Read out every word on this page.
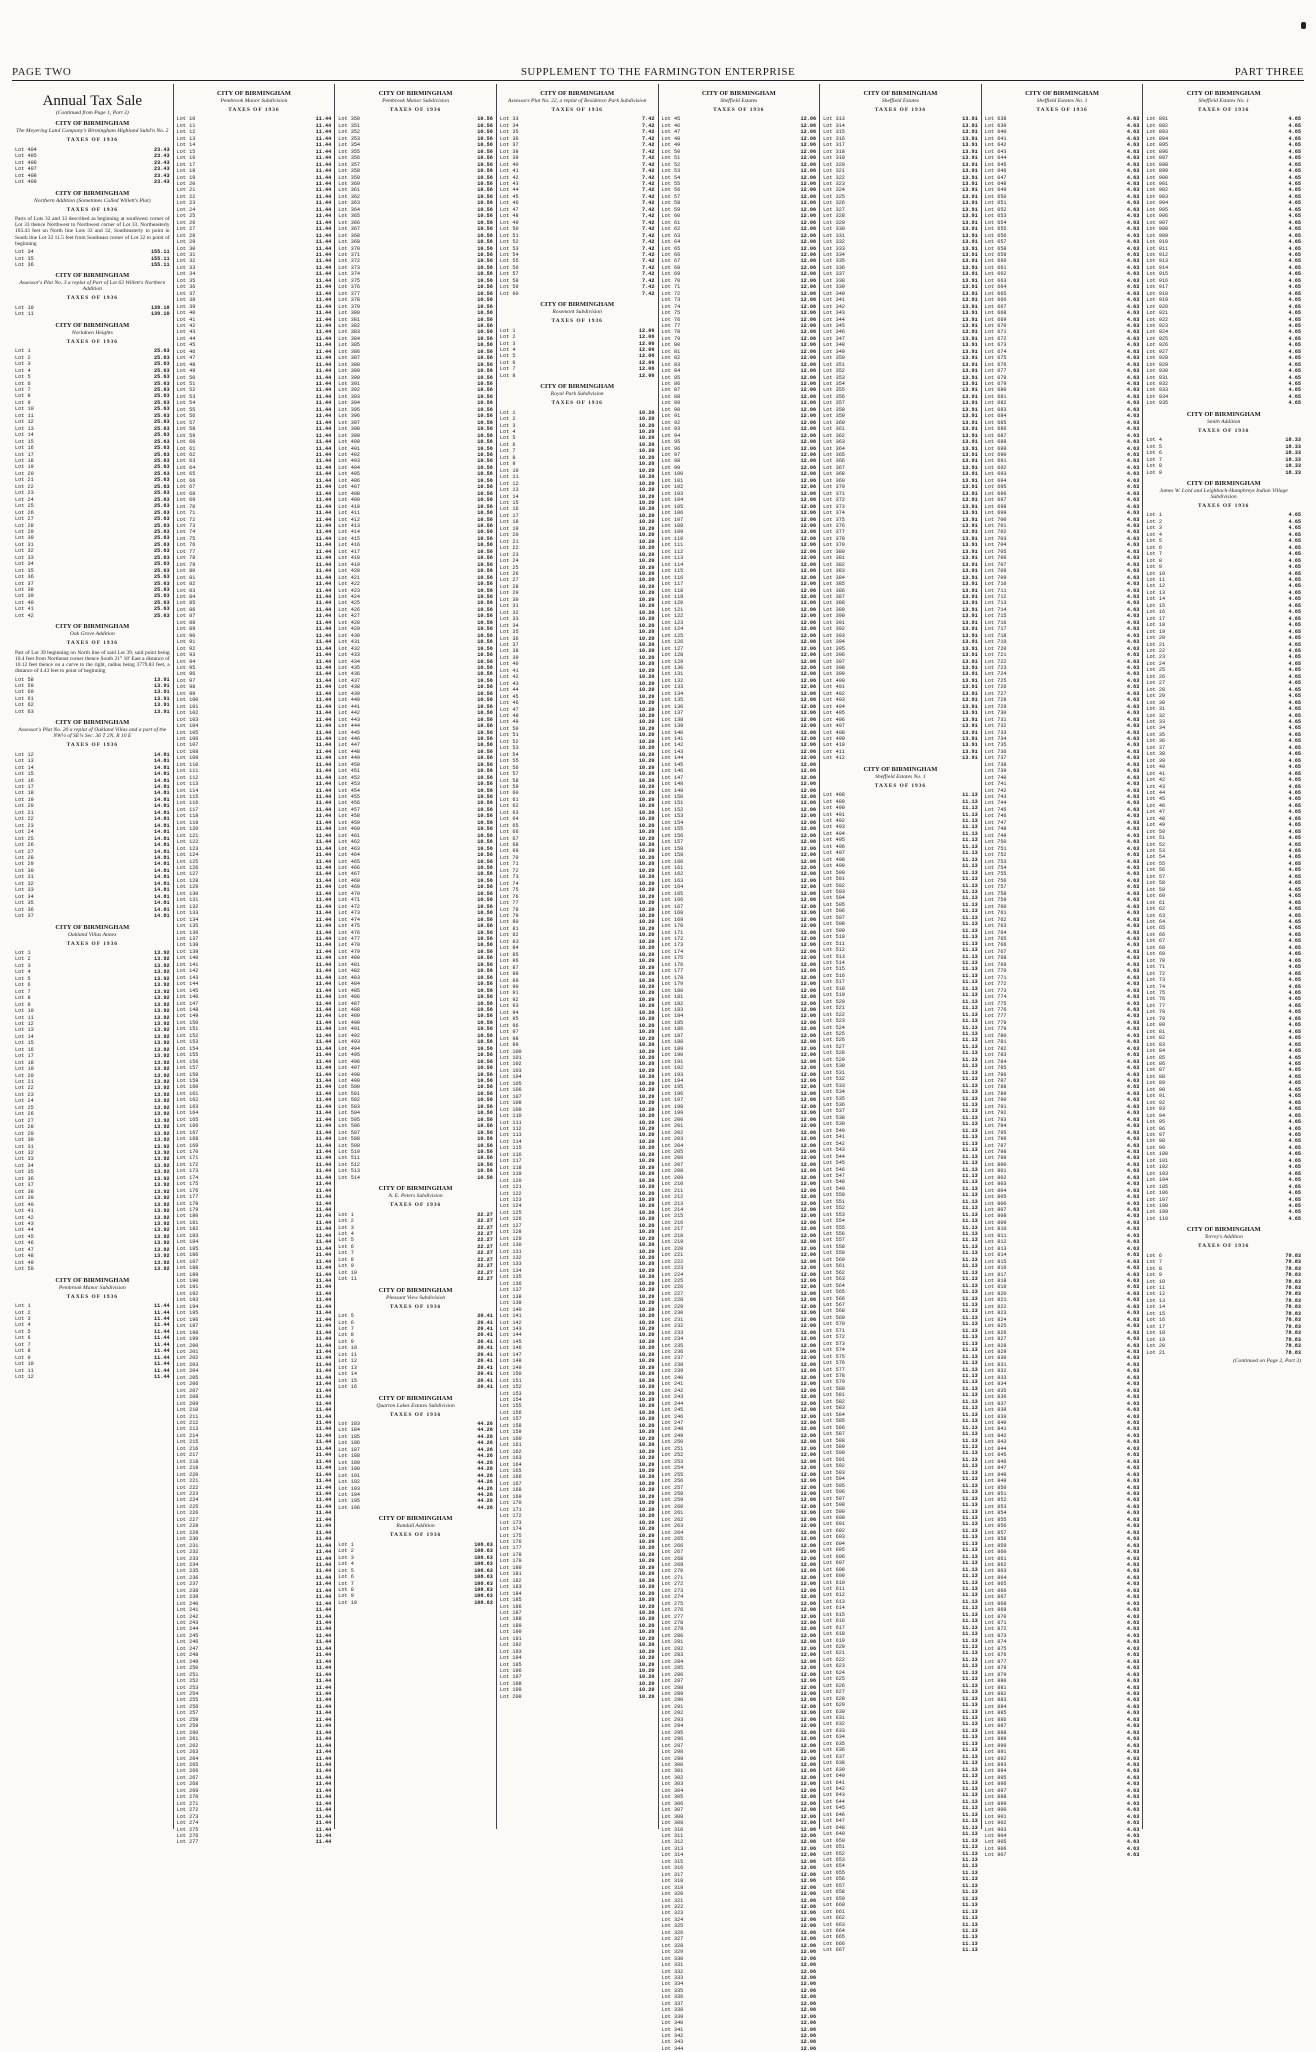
PAGE TWO	SUPPLEMENT TO THE FARMINGTON ENTERPRISE	PART THREE
Annual Tax Sale
(Continued from Page 1, Part 3)
CITY OF BIRMINGHAM
The Meyering Land Company's Birmingham Highland Subd'n No. 2
TAXES OF 1936
Lot 404	23.43
Lot 405	23.43
Lot 406	23.43
Lot 407	23.43
Lot 408	23.43
Lot 409	23.43
CITY OF BIRMINGHAM
Northern Addition (Sometimes Called Willett's Plat)
TAXES OF 1936
Parts of Lots 32 and 33 described as beginning at southwest corner of Lot 33 thence Northwest to Northwest corner of Lot 33, Northeasterly 163.43 feet on North line Lots 33 and 32, Southeasterly to point in South line Lot 32 11.5 feet from Southeast corner of Lot 32 to point of beginning
Lot 34	155.11
Lot 35	155.11
Lot 36	155.11
CITY OF BIRMINGHAM
Assessor's Plat No. 3 a replat of Part of Lot 63 Willett's Northern Addition
TAXES OF 1936
Lot 10	139.10
Lot 11	139.10
CITY OF BIRMINGHAM
Norlakwn Heights
TAXES OF 1936
Lot 1	25.63
Lot 2	25.63
Lot 3	25.63
Lot 4	25.63
Lot 5	25.63
Lot 6	25.63
Lot 7	25.63
Lot 8	25.63
Lot 9	25.63
Lot 10	25.63
Lot 11	25.63
Lot 12	25.63
Lot 13	25.63
Lot 14	25.63
Lot 15	25.63
Lot 16	25.63
Lot 17	25.63
Lot 18	25.63
Lot 19	25.63
Lot 20	25.63
Lot 21	25.63
Lot 22	25.63
Lot 23	25.63
Lot 24	25.63
Lot 25	25.63
Lot 26	25.63
Lot 27	25.63
Lot 28	25.63
Lot 29	25.63
Lot 30	25.63
Lot 31	25.63
Lot 32	25.63
Lot 33	25.63
Lot 34	25.63
Lot 35	25.63
Lot 36	25.63
Lot 37	25.63
Lot 38	25.63
Lot 39	25.63
Lot 40	25.63
Lot 41	25.63
Lot 42	25.63
CITY OF BIRMINGHAM
Oak Grove Addition
TAXES OF 1936
Part of Lot 39 beginning on North line of said Lot 39, said point being 16.4 feet from Northeast corner thence South 21° 18' East a distance of 10.12 feet thence on a curve to the right, radius being 3779.83 feet, a distance of 4.43 feet to point of beginning
Lot 58	13.91
Lot 59	13.91
Lot 60	13.91
Lot 61	13.91
Lot 62	13.91
Lot 63	13.91
CITY OF BIRMINGHAM
Assessor's Plat No. 20 a replat of Oakland Villas and a part of the NW¼ of SE¼ Sec. 36 T 2N, R 10 E
TAXES OF 1936
Lot 12	14.81
Lot 13	14.81
Lot 14	14.81
Lot 15	14.81
Lot 16	14.81
Lot 17	14.81
Lot 18	14.81
Lot 19	14.81
Lot 20	14.81
Lot 21	14.81
Lot 22	14.81
Lot 23	14.81
Lot 24	14.81
Lot 25	14.81
Lot 26	14.81
Lot 27	14.81
Lot 28	14.81
Lot 29	14.81
Lot 30	14.81
Lot 31	14.81
Lot 32	14.81
Lot 33	14.81
Lot 34	14.81
Lot 35	14.81
Lot 36	14.81
Lot 37	14.81
CITY OF BIRMINGHAM
Oakland Villas Annex
TAXES OF 1936
Lot 1	13.92
Lot 2	13.92
Lot 3	13.92
Lot 4	13.92
Lot 5	13.92
Lot 6	13.92
Lot 7	13.92
Lot 8	13.92
Lot 9	13.92
Lot 10	13.92
Lot 11	13.92
Lot 12	13.92
Lot 13	13.92
Lot 14	13.92
Lot 15	13.92
Lot 16	13.92
Lot 17	13.92
Lot 18	13.92
Lot 19	13.92
Lot 20	13.92
Lot 21	13.92
Lot 22	13.92
Lot 23	13.92
Lot 24	13.92
Lot 25	13.92
Lot 26	13.92
Lot 27	13.92
Lot 28	13.92
Lot 29	13.92
Lot 30	13.92
Lot 31	13.92
Lot 32	13.92
Lot 33	13.92
Lot 34	13.92
Lot 35	13.92
Lot 36	13.92
Lot 37	13.92
Lot 38	13.92
Lot 39	13.92
Lot 40	13.92
Lot 41	13.92
Lot 42	13.92
Lot 43	13.92
Lot 44	13.92
Lot 45	13.92
Lot 46	13.92
Lot 47	13.92
Lot 48	13.92
Lot 49	13.92
Lot 50	13.92
CITY OF BIRMINGHAM
Pembrook Manor Subdivision
TAXES OF 1936
Lot 1	11.44
Lot 2	11.44
Lot 3	11.44
Lot 4	11.44
Lot 5	11.44
Lot 6	11.44
Lot 7	11.44
Lot 8	11.44
Lot 9	11.44
Lot 10	11.44
Lot 11	11.44
Lot 12	11.44
CITY OF BIRMINGHAM
Pembrook Manor Subdivision
TAXES OF 1936
Lot 10	11.44
Lot 11	11.44
Lot 12	11.44
Lot 13	11.44
Lot 14	11.44
Lot 15	11.44
Lot 16	11.44
Lot 17	11.44
Lot 18	11.44
Lot 19	11.44
Lot 20	11.44
Lot 21	11.44
Lot 22	11.44
Lot 23	11.44
Lot 24	11.44
Lot 25	11.44
Lot 26	11.44
Lot 27	11.44
Lot 28	11.44
Lot 29	11.44
Lot 30	11.44
Lot 31	11.44
Lot 32	11.44
Lot 33	11.44
Lot 34	11.44
Lot 35	11.44
Lot 36	11.44
Lot 37	11.44
Lot 38	11.44
Lot 39	11.44
Lot 40	11.44
Lot 41	11.44
Lot 42	11.44
Lot 43	11.44
Lot 44	11.44
Lot 45	11.44
Lot 46	11.44
Lot 47	11.44
Lot 48	11.44
Lot 49	11.44
Lot 50	11.44
Lot 51	11.44
Lot 52	11.44
Lot 53	11.44
Lot 54	11.44
Lot 55	11.44
Lot 56	11.44
Lot 57	11.44
Lot 58	11.44
Lot 59	11.44
Lot 60	11.44
Lot 61	11.44
Lot 62	11.44
Lot 63	11.44
Lot 64	11.44
Lot 65	11.44
Lot 66	11.44
Lot 67	11.44
Lot 68	11.44
Lot 69	11.44
Lot 70	11.44
Lot 71	11.44
Lot 72	11.44
Lot 73	11.44
Lot 74	11.44
Lot 75	11.44
Lot 76	11.44
Lot 77	11.44
Lot 78	11.44
Lot 79	11.44
Lot 80	11.44
Lot 81	11.44
Lot 82	11.44
Lot 83	11.44
Lot 84	11.44
Lot 85	11.44
Lot 86	11.44
Lot 87	11.44
Lot 88	11.44
Lot 89	11.44
Lot 90	11.44
Lot 91	11.44
Lot 92	11.44
Lot 93	11.44
Lot 94	11.44
Lot 95	11.44
Lot 96	11.44
Lot 97	11.44
Lot 98	11.44
Lot 99	11.44
Lot 100	11.44
Lot 101	11.44
Lot 102	11.44
Lot 103	11.44
Lot 104	11.44
Lot 105	11.44
Lot 106	11.44
Lot 107	11.44
Lot 108	11.44
Lot 109	11.44
Lot 110	11.44
Lot 111	11.44
Lot 112	11.44
Lot 113	11.44
Lot 114	11.44
Lot 115	11.44
Lot 116	11.44
Lot 117	11.44
Lot 118	11.44
Lot 119	11.44
Lot 120	11.44
Lot 121	11.44
Lot 122	11.44
Lot 123	11.44
Lot 124	11.44
Lot 125	11.44
Lot 126	11.44
Lot 127	11.44
Lot 128	11.44
Lot 129	11.44
Lot 130	11.44
Lot 131	11.44
Lot 132	11.44
Lot 133	11.44
Lot 134	11.44
Lot 135	11.44
Lot 136	11.44
Lot 137	11.44
Lot 138	11.44
Lot 139	11.44
Lot 140	11.44
Lot 141	11.44
Lot 142	11.44
Lot 143	11.44
Lot 144	11.44
Lot 145	11.44
Lot 146	11.44
Lot 147	11.44
Lot 148	11.44
Lot 149	11.44
Lot 150	11.44
Lot 151	11.44
Lot 152	11.44
Lot 153	11.44
Lot 154	11.44
Lot 155	11.44
Lot 156	11.44
Lot 157	11.44
Lot 158	11.44
Lot 159	11.44
Lot 160	11.44
Lot 161	11.44
Lot 162	11.44
Lot 163	11.44
Lot 164	11.44
Lot 165	11.44
Lot 166	11.44
Lot 167	11.44
Lot 168	11.44
Lot 169	11.44
Lot 170	11.44
Lot 171	11.44
Lot 172	11.44
Lot 173	11.44
Lot 174	11.44
Lot 175	11.44
Lot 176	11.44
Lot 177	11.44
Lot 178	11.44
Lot 179	11.44
Lot 180	11.44
Lot 181	11.44
Lot 182	11.44
Lot 183	11.44
Lot 184	11.44
Lot 185	11.44
Lot 186	11.44
Lot 187	11.44
Lot 188	11.44
Lot 189	11.44
Lot 190	11.44
Lot 191	11.44
Lot 192	11.44
Lot 193	11.44
Lot 194	11.44
Lot 195	11.44
Lot 196	11.44
Lot 197	11.44
Lot 198	11.44
Lot 199	11.44
Lot 200	11.44
Lot 201	11.44
Lot 202	11.44
Lot 203	11.44
Lot 204	11.44
Lot 205	11.44
Lot 206	11.44
Lot 207	11.44
Lot 208	11.44
Lot 209	11.44
Lot 210	11.44
Lot 211	11.44
Lot 212	11.44
Lot 213	11.44
Lot 214	11.44
Lot 215	11.44
Lot 216	11.44
Lot 217	11.44
Lot 218	11.44
Lot 219	11.44
Lot 220	11.44
Lot 221	11.44
Lot 222	11.44
Lot 223	11.44
Lot 224	11.44
Lot 225	11.44
Lot 226	11.44
Lot 227	11.44
Lot 228	11.44
Lot 229	11.44
Lot 230	11.44
Lot 231	11.44
Lot 232	11.44
Lot 233	11.44
Lot 234	11.44
Lot 235	11.44
Lot 236	11.44
Lot 237	11.44
Lot 238	11.44
Lot 239	11.44
Lot 240	11.44
Lot 241	11.44
Lot 242	11.44
Lot 243	11.44
Lot 244	11.44
Lot 245	11.44
Lot 246	11.44
Lot 247	11.44
Lot 248	11.44
Lot 249	11.44
Lot 250	11.44
Lot 251	11.44
Lot 252	11.44
Lot 253	11.44
Lot 254	11.44
Lot 255	11.44
Lot 256	11.44
Lot 257	11.44
Lot 258	11.44
Lot 259	11.44
Lot 260	11.44
Lot 261	11.44
Lot 262	11.44
Lot 263	11.44
Lot 264	11.44
Lot 265	11.44
Lot 266	11.44
Lot 267	11.44
Lot 268	11.44
Lot 269	11.44
Lot 270	11.44
Lot 271	11.44
Lot 272	11.44
Lot 273	11.44
Lot 274	11.44
Lot 275	11.44
Lot 276	11.44
Lot 277	11.44
CITY OF BIRMINGHAM
Pembrook Manor Subdivision
TAXES OF 1936
Lot 350	10.56
Lot 351	10.56
Lot 352	10.56
Lot 353	10.56
Lot 354	10.56
Lot 355	10.56
Lot 356	10.56
Lot 357	10.56
Lot 358	10.56
Lot 359	10.56
Lot 360	10.56
Lot 361	10.56
Lot 362	10.56
Lot 363	10.56
Lot 364	10.56
Lot 365	10.56
Lot 366	10.56
Lot 367	10.56
Lot 368	10.56
Lot 369	10.56
Lot 370	10.56
Lot 371	10.56
Lot 372	10.56
Lot 373	10.56
Lot 374	10.56
Lot 375	10.56
Lot 376	10.56
Lot 377	10.56
Lot 378	10.56
Lot 379	10.56
Lot 380	10.56
Lot 381	10.56
Lot 382	10.56
Lot 383	10.56
Lot 384	10.56
Lot 385	10.56
Lot 386	10.56
Lot 387	10.56
Lot 388	10.56
Lot 389	10.56
Lot 390	10.56
Lot 391	10.56
Lot 392	10.56
Lot 393	10.56
Lot 394	10.56
Lot 395	10.56
Lot 396	10.56
Lot 397	10.56
Lot 398	10.56
Lot 399	10.56
Lot 400	10.56
Lot 401	10.56
Lot 402	10.56
Lot 403	10.56
Lot 404	10.56
Lot 405	10.56
Lot 406	10.56
Lot 407	10.56
Lot 408	10.56
Lot 409	10.56
Lot 410	10.56
Lot 411	10.56
Lot 412	10.56
Lot 413	10.56
Lot 414	10.56
Lot 415	10.56
Lot 416	10.56
Lot 417	10.56
Lot 418	10.56
Lot 419	10.56
Lot 420	10.56
Lot 421	10.56
Lot 422	10.56
Lot 423	10.56
Lot 424	10.56
Lot 425	10.56
Lot 426	10.56
Lot 427	10.56
Lot 428	10.56
Lot 429	10.56
Lot 430	10.56
Lot 431	10.56
Lot 432	10.56
Lot 433	10.56
Lot 434	10.56
Lot 435	10.56
Lot 436	10.56
Lot 437	10.56
Lot 438	10.56
Lot 439	10.56
Lot 440	10.56
Lot 441	10.56
Lot 442	10.56
Lot 443	10.56
Lot 444	10.56
Lot 445	10.56
Lot 446	10.56
Lot 447	10.56
Lot 448	10.56
Lot 449	10.56
Lot 450	10.56
Lot 451	10.56
Lot 452	10.56
Lot 453	10.56
Lot 454	10.56
Lot 455	10.56
Lot 456	10.56
Lot 457	10.56
Lot 458	10.56
Lot 459	10.56
Lot 460	10.56
Lot 461	10.56
Lot 462	10.56
Lot 463	10.56
Lot 464	10.56
Lot 465	10.56
Lot 466	10.56
Lot 467	10.56
Lot 468	10.56
Lot 469	10.56
Lot 470	10.56
Lot 471	10.56
Lot 472	10.56
Lot 473	10.56
Lot 474	10.56
Lot 475	10.56
Lot 476	10.56
Lot 477	10.56
Lot 478	10.56
Lot 479	10.56
Lot 480	10.56
Lot 481	10.56
Lot 482	10.56
Lot 483	10.56
Lot 484	10.56
Lot 485	10.56
Lot 486	10.56
Lot 487	10.56
Lot 488	10.56
Lot 489	10.56
Lot 490	10.56
Lot 491	10.56
Lot 492	10.56
Lot 493	10.56
Lot 494	10.56
Lot 495	10.56
Lot 496	10.56
Lot 497	10.56
Lot 498	10.56
Lot 499	10.56
Lot 500	10.56
Lot 501	10.56
Lot 502	10.56
Lot 503	10.56
Lot 504	10.56
Lot 505	10.56
Lot 506	10.56
Lot 507	10.56
Lot 508	10.56
Lot 509	10.56
Lot 510	10.56
Lot 511	10.56
Lot 512	10.56
Lot 513	10.56
Lot 514	10.56
CITY OF BIRMINGHAM
A. E. Peters Subdivision
TAXES OF 1936
Lot 1	22.27
Lot 2	22.27
Lot 3	22.27
Lot 4	22.27
Lot 5	22.27
Lot 6	22.27
Lot 7	22.27
Lot 8	22.27
Lot 9	22.27
Lot 10	22.27
Lot 11	22.27
CITY OF BIRMINGHAM
Pleasant View Subdivision
TAXES OF 1936
Lot 5	20.41
Lot 6	20.41
Lot 7	20.41
Lot 8	20.41
Lot 9	20.41
Lot 10	20.41
Lot 11	20.41
Lot 12	20.41
Lot 13	20.41
Lot 14	20.41
Lot 15	20.41
Lot 16	20.41
CITY OF BIRMINGHAM
Quarton Lakes Estates Subdivision
TAXES OF 1936
Lot 183	44.26
Lot 184	44.26
Lot 185	44.26
Lot 186	44.26
Lot 187	44.26
Lot 188	44.26
Lot 189	44.26
Lot 190	44.26
Lot 191	44.26
Lot 192	44.26
Lot 193	44.26
Lot 194	44.26
Lot 195	44.26
Lot 196	44.26
CITY OF BIRMINGHAM
Randall Addition
TAXES OF 1936
Lot 1	108.63
Lot 2	108.63
Lot 3	108.63
Lot 4	108.63
Lot 5	108.63
Lot 6	108.63
Lot 7	108.63
Lot 8	108.63
Lot 9	108.63
Lot 10	108.63
CITY OF BIRMINGHAM
Assessors Plat No. 22, a replat of Residence Park Subdivision
TAXES OF 1936
Lot 33	7.42
Lot 34	7.42
Lot 35	7.42
Lot 36	7.42
Lot 37	7.42
Lot 38	7.42
Lot 39	7.42
Lot 40	7.42
Lot 41	7.42
Lot 42	7.42
Lot 43	7.42
Lot 44	7.42
Lot 45	7.42
Lot 46	7.42
Lot 47	7.42
Lot 48	7.42
Lot 49	7.42
Lot 50	7.42
Lot 51	7.42
Lot 52	7.42
Lot 53	7.42
Lot 54	7.42
Lot 55	7.42
Lot 56	7.42
Lot 57	7.42
Lot 58	7.42
Lot 59	7.42
Lot 60	7.42
CITY OF BIRMINGHAM
Rosemont Subdivision
TAXES OF 1936
Lot 1	12.06
Lot 2	12.06
Lot 3	12.06
Lot 4	12.06
Lot 5	12.06
Lot 6	12.06
Lot 7	12.06
Lot 8	12.06
CITY OF BIRMINGHAM
Royal Park Subdivision
TAXES OF 1936
Lot 1	10.20
Lot 2	10.20
Lot 3	10.20
Lot 4	10.20
Lot 5	10.20
Lot 6	10.20
Lot 7	10.20
Lot 8	10.20
Lot 9	10.20
Lot 10	10.20
Lot 11	10.20
Lot 12	10.20
Lot 13	10.20
Lot 14	10.20
Lot 15	10.20
Lot 16	10.20
Lot 17	10.20
Lot 18	10.20
Lot 19	10.20
Lot 20	10.20
Lot 21	10.20
Lot 22	10.20
Lot 23	10.20
Lot 24	10.20
Lot 25	10.20
Lot 26	10.20
Lot 27	10.20
Lot 28	10.20
Lot 29	10.20
Lot 30	10.20
Lot 31	10.20
Lot 32	10.20
Lot 33	10.20
Lot 34	10.20
Lot 35	10.20
Lot 36	10.20
Lot 37	10.20
Lot 38	10.20
Lot 39	10.20
Lot 40	10.20
Lot 41	10.20
Lot 42	10.20
Lot 43	10.20
Lot 44	10.20
Lot 45	10.20
Lot 46	10.20
Lot 47	10.20
Lot 48	10.20
Lot 49	10.20
Lot 50	10.20
Lot 51	10.20
Lot 52	10.20
Lot 53	10.20
Lot 54	10.20
Lot 55	10.20
Lot 56	10.20
Lot 57	10.20
Lot 58	10.20
Lot 59	10.20
Lot 60	10.20
Lot 61	10.20
Lot 62	10.20
Lot 63	10.20
Lot 64	10.20
Lot 65	10.20
Lot 66	10.20
Lot 67	10.20
Lot 68	10.20
Lot 69	10.20
Lot 70	10.20
Lot 71	10.20
Lot 72	10.20
Lot 73	10.20
Lot 74	10.20
Lot 75	10.20
Lot 76	10.20
Lot 77	10.20
Lot 78	10.20
Lot 79	10.20
Lot 80	10.20
Lot 81	10.20
Lot 82	10.20
Lot 83	10.20
Lot 84	10.20
Lot 85	10.20
Lot 86	10.20
Lot 87	10.20
Lot 88	10.20
Lot 89	10.20
Lot 90	10.20
Lot 91	10.20
Lot 92	10.20
Lot 93	10.20
Lot 94	10.20
Lot 95	10.20
Lot 96	10.20
Lot 97	10.20
Lot 98	10.20
Lot 99	10.20
Lot 100	10.20
Lot 101	10.20
Lot 102	10.20
Lot 103	10.20
Lot 104	10.20
Lot 105	10.20
Lot 106	10.20
Lot 107	10.20
Lot 108	10.20
Lot 109	10.20
Lot 110	10.20
Lot 111	10.20
Lot 112	10.20
Lot 113	10.20
Lot 114	10.20
Lot 115	10.20
Lot 116	10.20
Lot 117	10.20
Lot 118	10.20
Lot 119	10.20
Lot 120	10.20
Lot 121	10.20
Lot 122	10.20
Lot 123	10.20
Lot 124	10.20
Lot 125	10.20
Lot 126	10.20
Lot 127	10.20
Lot 128	10.20
Lot 129	10.20
Lot 130	10.20
Lot 131	10.20
Lot 132	10.20
Lot 133	10.20
Lot 134	10.20
Lot 135	10.20
Lot 136	10.20
Lot 137	10.20
Lot 138	10.20
Lot 139	10.20
Lot 140	10.20
Lot 141	10.20
Lot 142	10.20
Lot 143	10.20
Lot 144	10.20
Lot 145	10.20
Lot 146	10.20
Lot 147	10.20
Lot 148	10.20
Lot 149	10.20
Lot 150	10.20
Lot 151	10.20
Lot 152	10.20
Lot 153	10.20
Lot 154	10.20
Lot 155	10.20
Lot 156	10.20
Lot 157	10.20
Lot 158	10.20
Lot 159	10.20
Lot 160	10.20
Lot 161	10.20
Lot 162	10.20
Lot 163	10.20
Lot 164	10.20
Lot 165	10.20
Lot 166	10.20
Lot 167	10.20
Lot 168	10.20
Lot 169	10.20
Lot 170	10.20
Lot 171	10.20
Lot 172	10.20
Lot 173	10.20
Lot 174	10.20
Lot 175	10.20
Lot 176	10.20
Lot 177	10.20
Lot 178	10.20
Lot 179	10.20
Lot 180	10.20
Lot 181	10.20
Lot 182	10.20
Lot 183	10.20
Lot 184	10.20
Lot 185	10.20
Lot 186	10.20
Lot 187	10.20
Lot 188	10.20
Lot 189	10.20
Lot 190	10.20
Lot 191	10.20
Lot 192	10.20
Lot 193	10.20
Lot 194	10.20
Lot 195	10.20
Lot 196	10.20
Lot 197	10.20
Lot 198	10.20
Lot 199	10.20
Lot 200	10.20
CITY OF BIRMINGHAM
Sheffield Estates
TAXES OF 1936
Lot 45	12.06
Lot 46	12.06
Lot 47	12.06
Lot 48	12.06
Lot 49	12.06
Lot 50	12.06
Lot 51	12.06
Lot 52	12.06
Lot 53	12.06
Lot 54	12.06
Lot 55	12.06
Lot 56	12.06
Lot 57	12.06
Lot 58	12.06
Lot 59	12.06
Lot 60	12.06
Lot 61	12.06
Lot 62	12.06
Lot 63	12.06
Lot 64	12.06
Lot 65	12.06
Lot 66	12.06
Lot 67	12.06
Lot 68	12.06
Lot 69	12.06
Lot 70	12.06
Lot 71	12.06
Lot 72	12.06
Lot 73	12.06
Lot 74	12.06
Lot 75	12.06
Lot 76	12.06
Lot 77	12.06
Lot 78	12.06
Lot 79	12.06
Lot 80	12.06
Lot 81	12.06
Lot 82	12.06
Lot 83	12.06
Lot 84	12.06
Lot 85	12.06
Lot 86	12.06
Lot 87	12.06
Lot 88	12.06
Lot 89	12.06
Lot 90	12.06
Lot 91	12.06
Lot 92	12.06
Lot 93	12.06
Lot 94	12.06
Lot 95	12.06
Lot 96	12.06
Lot 97	12.06
Lot 98	12.06
Lot 99	12.06
Lot 100	12.06
Lot 101	12.06
Lot 102	12.06
Lot 103	12.06
Lot 104	12.06
Lot 105	12.06
Lot 106	12.06
Lot 107	12.06
Lot 108	12.06
Lot 109	12.06
Lot 110	12.06
Lot 111	12.06
Lot 112	12.06
Lot 113	12.06
Lot 114	12.06
Lot 115	12.06
Lot 116	12.06
Lot 117	12.06
Lot 118	12.06
Lot 119	12.06
Lot 120	12.06
Lot 121	12.06
Lot 122	12.06
Lot 123	12.06
Lot 124	12.06
Lot 125	12.06
Lot 126	12.06
Lot 127	12.06
Lot 128	12.06
Lot 129	12.06
Lot 130	12.06
Lot 131	12.06
Lot 132	12.06
Lot 133	12.06
Lot 134	12.06
Lot 135	12.06
Lot 136	12.06
Lot 137	12.06
Lot 138	12.06
Lot 139	12.06
Lot 140	12.06
Lot 141	12.06
Lot 142	12.06
Lot 143	12.06
Lot 144	12.06
Lot 145	12.06
Lot 146	12.06
Lot 147	12.06
Lot 148	12.06
Lot 149	12.06
Lot 150	12.06
Lot 151	12.06
Lot 152	12.06
Lot 153	12.06
Lot 154	12.06
Lot 155	12.06
Lot 156	12.06
Lot 157	12.06
Lot 158	12.06
Lot 159	12.06
Lot 160	12.06
Lot 161	12.06
Lot 162	12.06
Lot 163	12.06
Lot 164	12.06
Lot 165	12.06
Lot 166	12.06
Lot 167	12.06
Lot 168	12.06
Lot 169	12.06
Lot 170	12.06
Lot 171	12.06
Lot 172	12.06
Lot 173	12.06
Lot 174	12.06
Lot 175	12.06
Lot 176	12.06
Lot 177	12.06
Lot 178	12.06
Lot 179	12.06
Lot 180	12.06
Lot 181	12.06
Lot 182	12.06
Lot 183	12.06
Lot 184	12.06
Lot 185	12.06
Lot 186	12.06
Lot 187	12.06
Lot 188	12.06
Lot 189	12.06
Lot 190	12.06
Lot 191	12.06
Lot 192	12.06
Lot 193	12.06
Lot 194	12.06
Lot 195	12.06
Lot 196	12.06
Lot 197	12.06
Lot 198	12.06
Lot 199	12.06
Lot 200	12.06
Lot 201	12.06
Lot 202	12.06
Lot 203	12.06
Lot 204	12.06
Lot 205	12.06
Lot 206	12.06
Lot 207	12.06
Lot 208	12.06
Lot 209	12.06
Lot 210	12.06
Lot 211	12.06
Lot 212	12.06
Lot 213	12.06
Lot 214	12.06
Lot 215	12.06
Lot 216	12.06
Lot 217	12.06
Lot 218	12.06
Lot 219	12.06
Lot 220	12.06
Lot 221	12.06
Lot 222	12.06
Lot 223	12.06
Lot 224	12.06
Lot 225	12.06
Lot 226	12.06
Lot 227	12.06
Lot 228	12.06
Lot 229	12.06
Lot 230	12.06
Lot 231	12.06
Lot 232	12.06
Lot 233	12.06
Lot 234	12.06
Lot 235	12.06
Lot 236	12.06
Lot 237	12.06
Lot 238	12.06
Lot 239	12.06
Lot 240	12.06
Lot 241	12.06
Lot 242	12.06
Lot 243	12.06
Lot 244	12.06
Lot 245	12.06
Lot 246	12.06
Lot 247	12.06
Lot 248	12.06
Lot 249	12.06
Lot 250	12.06
Lot 251	12.06
Lot 252	12.06
Lot 253	12.06
Lot 254	12.06
Lot 255	12.06
Lot 256	12.06
Lot 257	12.06
Lot 258	12.06
Lot 259	12.06
Lot 260	12.06
Lot 261	12.06
Lot 262	12.06
Lot 263	12.06
Lot 264	12.06
Lot 265	12.06
Lot 266	12.06
Lot 267	12.06
Lot 268	12.06
Lot 269	12.06
Lot 270	12.06
Lot 271	12.06
Lot 272	12.06
Lot 273	12.06
Lot 274	12.06
Lot 275	12.06
Lot 276	12.06
Lot 277	12.06
Lot 278	12.06
Lot 279	12.06
Lot 280	12.06
Lot 281	12.06
Lot 282	12.06
Lot 283	12.06
Lot 284	12.06
Lot 285	12.06
Lot 286	12.06
Lot 287	12.06
Lot 288	12.06
Lot 289	12.06
Lot 290	12.06
Lot 291	12.06
Lot 292	12.06
Lot 293	12.06
Lot 294	12.06
Lot 295	12.06
Lot 296	12.06
Lot 297	12.06
Lot 298	12.06
Lot 299	12.06
Lot 300	12.06
Lot 301	12.06
Lot 302	12.06
Lot 303	12.06
Lot 304	12.06
Lot 305	12.06
Lot 306	12.06
Lot 307	12.06
Lot 308	12.06
Lot 309	12.06
Lot 310	12.06
Lot 311	12.06
Lot 312	12.06
Lot 313	12.06
Lot 314	12.06
Lot 315	12.06
Lot 316	12.06
Lot 317	12.06
Lot 318	12.06
Lot 319	12.06
Lot 320	12.06
Lot 321	12.06
Lot 322	12.06
Lot 323	12.06
Lot 324	12.06
Lot 325	12.06
Lot 326	12.06
Lot 327	12.06
Lot 328	12.06
Lot 329	12.06
Lot 330	12.06
Lot 331	12.06
Lot 332	12.06
Lot 333	12.06
Lot 334	12.06
Lot 335	12.06
Lot 336	12.06
Lot 337	12.06
Lot 338	12.06
Lot 339	12.06
Lot 340	12.06
Lot 341	12.06
Lot 342	12.06
Lot 343	12.06
Lot 344	12.06
CITY OF BIRMINGHAM
Sheffield Estates
TAXES OF 1936
Lot 313	13.91
Lot 314	13.91
Lot 315	13.91
Lot 316	13.91
Lot 317	13.91
Lot 318	13.91
Lot 319	13.91
Lot 320	13.91
Lot 321	13.91
Lot 322	13.91
Lot 323	13.91
Lot 324	13.91
Lot 325	13.91
Lot 326	13.91
Lot 327	13.91
Lot 328	13.91
Lot 329	13.91
Lot 330	13.91
Lot 331	13.91
Lot 332	13.91
Lot 333	13.91
Lot 334	13.91
Lot 335	13.91
Lot 336	13.91
Lot 337	13.91
Lot 338	13.91
Lot 339	13.91
Lot 340	13.91
Lot 341	13.91
Lot 342	13.91
Lot 343	13.91
Lot 344	13.91
Lot 345	13.91
Lot 346	13.91
Lot 347	13.91
Lot 348	13.91
Lot 349	13.91
Lot 350	13.91
Lot 351	13.91
Lot 352	13.91
Lot 353	13.91
Lot 354	13.91
Lot 355	13.91
Lot 356	13.91
Lot 357	13.91
Lot 358	13.91
Lot 359	13.91
Lot 360	13.91
Lot 361	13.91
Lot 362	13.91
Lot 363	13.91
Lot 364	13.91
Lot 365	13.91
Lot 366	13.91
Lot 367	13.91
Lot 368	13.91
Lot 369	13.91
Lot 370	13.91
Lot 371	13.91
Lot 372	13.91
Lot 373	13.91
Lot 374	13.91
Lot 375	13.91
Lot 376	13.91
Lot 377	13.91
Lot 378	13.91
Lot 379	13.91
Lot 380	13.91
Lot 381	13.91
Lot 382	13.91
Lot 383	13.91
Lot 384	13.91
Lot 385	13.91
Lot 386	13.91
Lot 387	13.91
Lot 388	13.91
Lot 389	13.91
Lot 390	13.91
Lot 391	13.91
Lot 392	13.91
Lot 393	13.91
Lot 394	13.91
Lot 395	13.91
Lot 396	13.91
Lot 397	13.91
Lot 398	13.91
Lot 399	13.91
Lot 400	13.91
Lot 401	13.91
Lot 402	13.91
Lot 403	13.91
Lot 404	13.91
Lot 405	13.91
Lot 406	13.91
Lot 407	13.91
Lot 408	13.91
Lot 409	13.91
Lot 410	13.91
Lot 411	13.91
Lot 412	13.91
CITY OF BIRMINGHAM
Sheffield Estates No. 1
TAXES OF 1936
Lot 488	11.13
Lot 489	11.13
Lot 490	11.13
Lot 491	11.13
Lot 492	11.13
Lot 493	11.13
Lot 494	11.13
Lot 495	11.13
Lot 496	11.13
Lot 497	11.13
Lot 498	11.13
Lot 499	11.13
Lot 500	11.13
Lot 501	11.13
Lot 502	11.13
Lot 503	11.13
Lot 504	11.13
Lot 505	11.13
Lot 506	11.13
Lot 507	11.13
Lot 508	11.13
Lot 509	11.13
Lot 510	11.13
Lot 511	11.13
Lot 512	11.13
Lot 513	11.13
Lot 514	11.13
Lot 515	11.13
Lot 516	11.13
Lot 517	11.13
Lot 518	11.13
Lot 519	11.13
Lot 520	11.13
Lot 521	11.13
Lot 522	11.13
Lot 523	11.13
Lot 524	11.13
Lot 525	11.13
Lot 526	11.13
Lot 527	11.13
Lot 528	11.13
Lot 529	11.13
Lot 530	11.13
Lot 531	11.13
Lot 532	11.13
Lot 533	11.13
Lot 534	11.13
Lot 535	11.13
Lot 536	11.13
Lot 537	11.13
Lot 538	11.13
Lot 539	11.13
Lot 540	11.13
Lot 541	11.13
Lot 542	11.13
Lot 543	11.13
Lot 544	11.13
Lot 545	11.13
Lot 546	11.13
Lot 547	11.13
Lot 548	11.13
Lot 549	11.13
Lot 550	11.13
Lot 551	11.13
Lot 552	11.13
Lot 553	11.13
Lot 554	11.13
Lot 555	11.13
Lot 556	11.13
Lot 557	11.13
Lot 558	11.13
Lot 559	11.13
Lot 560	11.13
Lot 561	11.13
Lot 562	11.13
Lot 563	11.13
Lot 564	11.13
Lot 565	11.13
Lot 566	11.13
Lot 567	11.13
Lot 568	11.13
Lot 569	11.13
Lot 570	11.13
Lot 571	11.13
Lot 572	11.13
Lot 573	11.13
Lot 574	11.13
Lot 575	11.13
Lot 576	11.13
Lot 577	11.13
Lot 578	11.13
Lot 579	11.13
Lot 580	11.13
Lot 581	11.13
Lot 582	11.13
Lot 583	11.13
Lot 584	11.13
Lot 585	11.13
Lot 586	11.13
Lot 587	11.13
Lot 588	11.13
Lot 589	11.13
Lot 590	11.13
Lot 591	11.13
Lot 592	11.13
Lot 593	11.13
Lot 594	11.13
Lot 595	11.13
Lot 596	11.13
Lot 597	11.13
Lot 598	11.13
Lot 599	11.13
Lot 600	11.13
Lot 601	11.13
Lot 602	11.13
Lot 603	11.13
Lot 604	11.13
Lot 605	11.13
Lot 606	11.13
Lot 607	11.13
Lot 608	11.13
Lot 609	11.13
Lot 610	11.13
Lot 611	11.13
Lot 612	11.13
Lot 613	11.13
Lot 614	11.13
Lot 615	11.13
Lot 616	11.13
Lot 617	11.13
Lot 618	11.13
Lot 619	11.13
Lot 620	11.13
Lot 621	11.13
Lot 622	11.13
Lot 623	11.13
Lot 624	11.13
Lot 625	11.13
Lot 626	11.13
Lot 627	11.13
Lot 628	11.13
Lot 629	11.13
Lot 630	11.13
Lot 631	11.13
Lot 632	11.13
Lot 633	11.13
Lot 634	11.13
Lot 635	11.13
Lot 636	11.13
Lot 637	11.13
Lot 638	11.13
Lot 639	11.13
Lot 640	11.13
Lot 641	11.13
Lot 642	11.13
Lot 643	11.13
Lot 644	11.13
Lot 645	11.13
Lot 646	11.13
Lot 647	11.13
Lot 648	11.13
Lot 649	11.13
Lot 650	11.13
Lot 651	11.13
Lot 652	11.13
Lot 653	11.13
Lot 654	11.13
Lot 655	11.13
Lot 656	11.13
Lot 657	11.13
Lot 658	11.13
Lot 659	11.13
Lot 660	11.13
Lot 661	11.13
Lot 662	11.13
Lot 663	11.13
Lot 664	11.13
Lot 665	11.13
Lot 666	11.13
Lot 667	11.13
CITY OF BIRMINGHAM
Sheffield Estates No. 1
TAXES OF 1936
Lot 638	4.63
Lot 639	4.63
Lot 640	4.63
Lot 641	4.63
Lot 642	4.63
Lot 643	4.63
Lot 644	4.63
Lot 645	4.63
Lot 646	4.63
Lot 647	4.63
Lot 648	4.63
Lot 649	4.63
Lot 650	4.63
Lot 651	4.63
Lot 652	4.63
Lot 653	4.63
Lot 654	4.63
Lot 655	4.63
Lot 656	4.63
Lot 657	4.63
Lot 658	4.63
Lot 659	4.63
Lot 660	4.63
Lot 661	4.63
Lot 662	4.63
Lot 663	4.63
Lot 664	4.63
Lot 665	4.63
Lot 666	4.63
Lot 667	4.63
Lot 668	4.63
Lot 669	4.63
Lot 670	4.63
Lot 671	4.63
Lot 672	4.63
Lot 673	4.63
Lot 674	4.63
Lot 675	4.63
Lot 676	4.63
Lot 677	4.63
Lot 678	4.63
Lot 679	4.63
Lot 680	4.63
Lot 681	4.63
Lot 682	4.63
Lot 683	4.63
Lot 684	4.63
Lot 685	4.63
Lot 686	4.63
Lot 687	4.63
Lot 688	4.63
Lot 689	4.63
Lot 690	4.63
Lot 691	4.63
Lot 692	4.63
Lot 693	4.63
Lot 694	4.63
Lot 695	4.63
Lot 696	4.63
Lot 697	4.63
Lot 698	4.63
Lot 699	4.63
Lot 700	4.63
Lot 701	4.63
Lot 702	4.63
Lot 703	4.63
Lot 704	4.63
Lot 705	4.63
Lot 706	4.63
Lot 707	4.63
Lot 708	4.63
Lot 709	4.63
Lot 710	4.63
Lot 711	4.63
Lot 712	4.63
Lot 713	4.63
Lot 714	4.63
Lot 715	4.63
Lot 716	4.63
Lot 717	4.63
Lot 718	4.63
Lot 719	4.63
Lot 720	4.63
Lot 721	4.63
Lot 722	4.63
Lot 723	4.63
Lot 724	4.63
Lot 725	4.63
Lot 726	4.63
Lot 727	4.63
Lot 728	4.63
Lot 729	4.63
Lot 730	4.63
Lot 731	4.63
Lot 732	4.63
Lot 733	4.63
Lot 734	4.63
Lot 735	4.63
Lot 736	4.63
Lot 737	4.63
Lot 738	4.63
Lot 739	4.63
Lot 740	4.63
Lot 741	4.63
Lot 742	4.63
Lot 743	4.63
Lot 744	4.63
Lot 745	4.63
Lot 746	4.63
Lot 747	4.63
Lot 748	4.63
Lot 749	4.63
Lot 750	4.63
Lot 751	4.63
Lot 752	4.63
Lot 753	4.63
Lot 754	4.63
Lot 755	4.63
Lot 756	4.63
Lot 757	4.63
Lot 758	4.63
Lot 759	4.63
Lot 760	4.63
Lot 761	4.63
Lot 762	4.63
Lot 763	4.63
Lot 764	4.63
Lot 765	4.63
Lot 766	4.63
Lot 767	4.63
Lot 768	4.63
Lot 769	4.63
Lot 770	4.63
Lot 771	4.63
Lot 772	4.63
Lot 773	4.63
Lot 774	4.63
Lot 775	4.63
Lot 776	4.63
Lot 777	4.63
Lot 778	4.63
Lot 779	4.63
Lot 780	4.63
Lot 781	4.63
Lot 782	4.63
Lot 783	4.63
Lot 784	4.63
Lot 785	4.63
Lot 786	4.63
Lot 787	4.63
Lot 788	4.63
Lot 789	4.63
Lot 790	4.63
Lot 791	4.63
Lot 792	4.63
Lot 793	4.63
Lot 794	4.63
Lot 795	4.63
Lot 796	4.63
Lot 797	4.63
Lot 798	4.63
Lot 799	4.63
Lot 800	4.63
Lot 801	4.63
Lot 802	4.63
Lot 803	4.63
Lot 804	4.63
Lot 805	4.63
Lot 806	4.63
Lot 807	4.63
Lot 808	4.63
Lot 809	4.63
Lot 810	4.63
Lot 811	4.63
Lot 812	4.63
Lot 813	4.63
Lot 814	4.63
Lot 815	4.63
Lot 816	4.63
Lot 817	4.63
Lot 818	4.63
Lot 819	4.63
Lot 820	4.63
Lot 821	4.63
Lot 822	4.63
Lot 823	4.63
Lot 824	4.63
Lot 825	4.63
Lot 826	4.63
Lot 827	4.63
Lot 828	4.63
Lot 829	4.63
Lot 830	4.63
Lot 831	4.63
Lot 832	4.63
Lot 833	4.63
Lot 834	4.63
Lot 835	4.63
Lot 836	4.63
Lot 837	4.63
Lot 838	4.63
Lot 839	4.63
Lot 840	4.63
Lot 841	4.63
Lot 842	4.63
Lot 843	4.63
Lot 844	4.63
Lot 845	4.63
Lot 846	4.63
Lot 847	4.63
Lot 848	4.63
Lot 849	4.63
Lot 850	4.63
Lot 851	4.63
Lot 852	4.63
Lot 853	4.63
Lot 854	4.63
Lot 855	4.63
Lot 856	4.63
Lot 857	4.63
Lot 858	4.63
Lot 859	4.63
Lot 860	4.63
Lot 861	4.63
Lot 862	4.63
Lot 863	4.63
Lot 864	4.63
Lot 865	4.63
Lot 866	4.63
Lot 867	4.63
Lot 868	4.63
Lot 869	4.63
Lot 870	4.63
Lot 871	4.63
Lot 872	4.63
Lot 873	4.63
Lot 874	4.63
Lot 875	4.63
Lot 876	4.63
Lot 877	4.63
Lot 878	4.63
Lot 879	4.63
Lot 880	4.63
Lot 881	4.63
Lot 882	4.63
Lot 883	4.63
Lot 884	4.63
Lot 885	4.63
Lot 886	4.63
Lot 887	4.63
Lot 888	4.63
Lot 889	4.63
Lot 890	4.63
Lot 891	4.63
Lot 892	4.63
Lot 893	4.63
Lot 894	4.63
Lot 895	4.63
Lot 896	4.63
Lot 897	4.63
Lot 898	4.63
Lot 899	4.63
Lot 900	4.63
Lot 901	4.63
Lot 902	4.63
Lot 903	4.63
Lot 904	4.63
Lot 905	4.63
Lot 906	4.63
Lot 907	4.63
CITY OF BIRMINGHAM
Sheffield Estates No. 1
TAXES OF 1936
Lot 891	4.65
Lot 892	4.65
Lot 893	4.65
Lot 894	4.65
Lot 895	4.65
Lot 896	4.65
Lot 897	4.65
Lot 898	4.65
Lot 899	4.65
Lot 900	4.65
Lot 901	4.65
Lot 902	4.65
Lot 903	4.65
Lot 904	4.65
Lot 905	4.65
Lot 906	4.65
Lot 907	4.65
Lot 908	4.65
Lot 909	4.65
Lot 910	4.65
Lot 911	4.65
Lot 912	4.65
Lot 913	4.65
Lot 914	4.65
Lot 915	4.65
Lot 916	4.65
Lot 917	4.65
Lot 918	4.65
Lot 919	4.65
Lot 920	4.65
Lot 921	4.65
Lot 922	4.65
Lot 923	4.65
Lot 924	4.65
Lot 925	4.65
Lot 926	4.65
Lot 927	4.65
Lot 928	4.65
Lot 929	4.65
Lot 930	4.65
Lot 931	4.65
Lot 932	4.65
Lot 933	4.65
Lot 934	4.65
Lot 935	4.65
CITY OF BIRMINGHAM
Smith Addition
TAXES OF 1936
Lot 4	18.33
Lot 5	18.33
Lot 6	18.33
Lot 7	18.33
Lot 8	18.33
Lot 9	18.33
CITY OF BIRMINGHAM
James W. Lord and Leighbach-Humphreys Indian Village Subdivision
TAXES OF 1936
Lot 1	4.65
Lot 2	4.65
Lot 3	4.65
Lot 4	4.65
Lot 5	4.65
Lot 6	4.65
Lot 7	4.65
Lot 8	4.65
Lot 9	4.65
Lot 10	4.65
Lot 11	4.65
Lot 12	4.65
Lot 13	4.65
Lot 14	4.65
Lot 15	4.65
Lot 16	4.65
Lot 17	4.65
Lot 18	4.65
Lot 19	4.65
Lot 20	4.65
Lot 21	4.65
Lot 22	4.65
Lot 23	4.65
Lot 24	4.65
Lot 25	4.65
Lot 26	4.65
Lot 27	4.65
Lot 28	4.65
Lot 29	4.65
Lot 30	4.65
Lot 31	4.65
Lot 32	4.65
Lot 33	4.65
Lot 34	4.65
Lot 35	4.65
Lot 36	4.65
Lot 37	4.65
Lot 38	4.65
Lot 39	4.65
Lot 40	4.65
Lot 41	4.65
Lot 42	4.65
Lot 43	4.65
Lot 44	4.65
Lot 45	4.65
Lot 46	4.65
Lot 47	4.65
Lot 48	4.65
Lot 49	4.65
Lot 50	4.65
Lot 51	4.65
Lot 52	4.65
Lot 53	4.65
Lot 54	4.65
Lot 55	4.65
Lot 56	4.65
Lot 57	4.65
Lot 58	4.65
Lot 59	4.65
Lot 60	4.65
Lot 61	4.65
Lot 62	4.65
Lot 63	4.65
Lot 64	4.65
Lot 65	4.65
Lot 66	4.65
Lot 67	4.65
Lot 68	4.65
Lot 69	4.65
Lot 70	4.65
Lot 71	4.65
Lot 72	4.65
Lot 73	4.65
Lot 74	4.65
Lot 75	4.65
Lot 76	4.65
Lot 77	4.65
Lot 78	4.65
Lot 79	4.65
Lot 80	4.65
Lot 81	4.65
Lot 82	4.65
Lot 83	4.65
Lot 84	4.65
Lot 85	4.65
Lot 86	4.65
Lot 87	4.65
Lot 88	4.65
Lot 89	4.65
Lot 90	4.65
Lot 91	4.65
Lot 92	4.65
Lot 93	4.65
Lot 94	4.65
Lot 95	4.65
Lot 96	4.65
Lot 97	4.65
Lot 98	4.65
Lot 99	4.65
Lot 100	4.65
Lot 101	4.65
Lot 102	4.65
Lot 103	4.65
Lot 104	4.65
Lot 105	4.65
Lot 106	4.65
Lot 107	4.65
Lot 108	4.65
Lot 109	4.65
Lot 110	4.65
CITY OF BIRMINGHAM
Torrey's Addition
TAXES OF 1936
Lot 6	78.83
Lot 7	78.83
Lot 8	78.83
Lot 9	78.83
Lot 10	78.83
Lot 11	78.83
Lot 12	78.83
Lot 13	78.83
Lot 14	78.83
Lot 15	78.83
Lot 16	78.83
Lot 17	78.83
Lot 18	78.83
Lot 19	78.83
Lot 20	78.83
Lot 21	78.83
(Continued on Page 2, Part 3)
